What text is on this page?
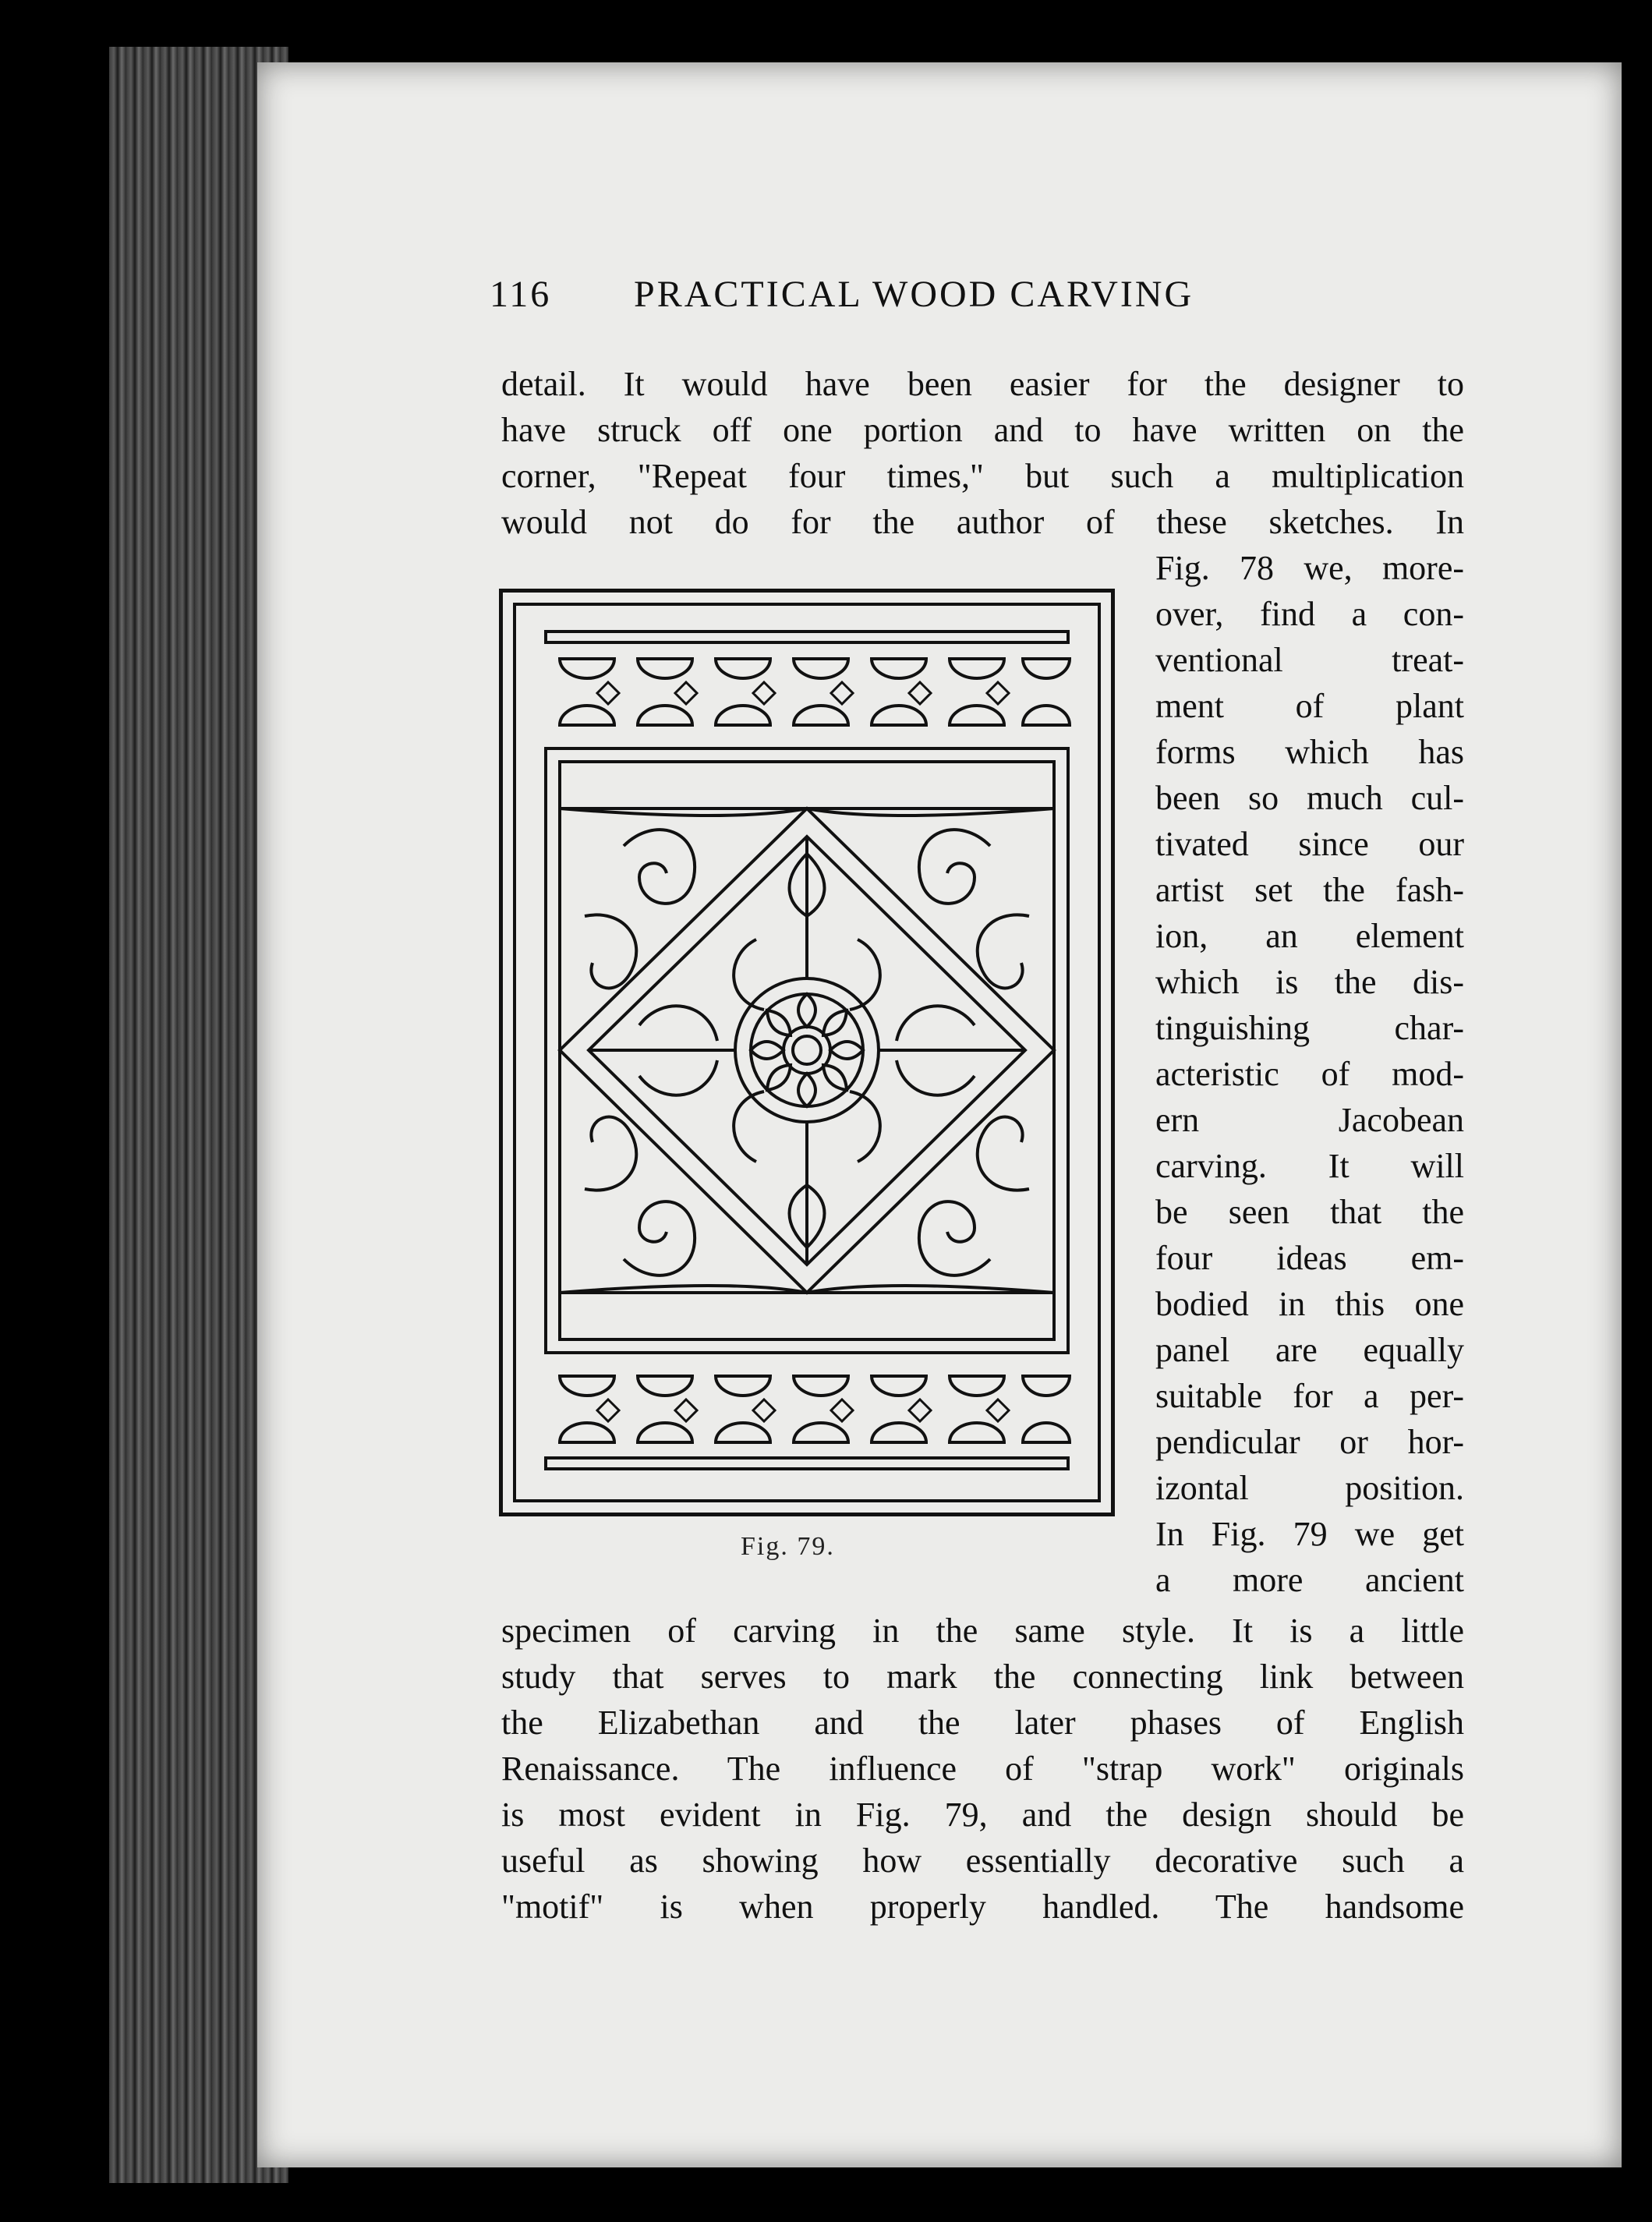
116 PRACTICAL WOOD CARVING
detail. It would have been easier for the designer to
have struck off one portion and to have written on the
corner, "Repeat four times," but such a multiplication
would not do for the author of these sketches. In
Fig. 78 we, more-
over, find a con-
ventional treat-
ment of plant
forms which has
been so much cul-
tivated since our
artist set the fash-
ion, an element
which is the dis-
tinguishing char-
acteristic of mod-
ern Jacobean
carving. It will
be seen that the
four ideas em-
bodied in this one
panel are equally
suitable for a per-
pendicular or hor-
izontal position.
In Fig. 79 we get
a more ancient
specimen of carving in the same style. It is a little
study that serves to mark the connecting link between
the Elizabethan and the later phases of English
Renaissance. The influence of "strap work" originals
is most evident in Fig. 79, and the design should be
useful as showing how essentially decorative such a
"motif" is when properly handled. The handsome
Fig. 79.
